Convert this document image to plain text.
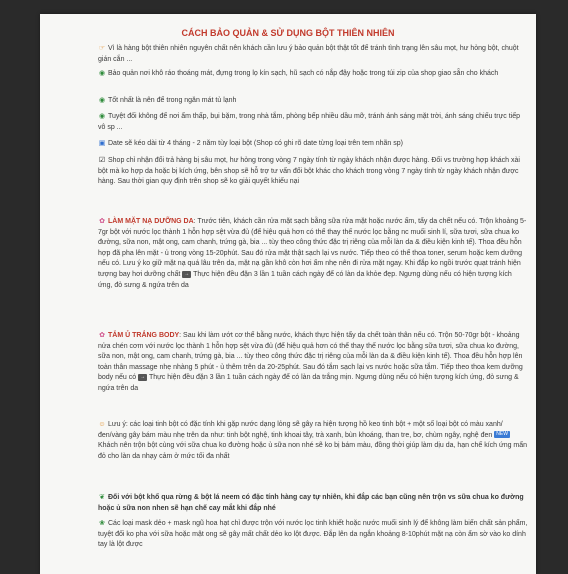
CÁCH BẢO QUẢN & SỬ DỤNG BỘT THIÊN NHIÊN
☞ Vì là hàng bột thiên nhiên nguyên chất nên khách cần lưu ý bảo quản bột thật tốt để tránh tình trạng lên sâu mọt, hư hỏng bột, chuột gián cắn ...
◉ Bảo quản nơi khô ráo thoáng mát, đựng trong lọ kín sạch, hũ sạch có nắp đậy hoặc trong túi zip của shop giao sẵn cho khách
◉ Tốt nhất là nên để trong ngăn mát tủ lạnh
◉ Tuyệt đối không để nơi ẩm thấp, bụi bặm, trong nhà tắm, phòng bếp nhiều dầu mỡ, tránh ánh sáng mặt trời, ánh sáng chiếu trực tiếp vô sp ...
▣ Date sẽ kéo dài từ 4 tháng - 2 năm tùy loại bột (Shop có ghi rõ date từng loại trên tem nhãn sp)
☑ Shop chỉ nhận đổi trả hàng bị sâu mọt, hư hỏng trong vòng 7 ngày tính từ ngày khách nhận được hàng. Đối vs trường hợp khách xài bột mà ko hợp da hoặc bị kích ứng, bên shop sẽ hỗ trợ tư vấn đổi bột khác cho khách trong vòng 7 ngày tính từ ngày khách nhận được hàng. Sau thời gian quy định trên shop sẽ ko giải quyết khiếu nại
✿ LÀM MẶT NẠ DƯỠNG DA: Trước tiên, khách cần rửa mặt sạch bằng sữa rửa mặt hoặc nước ấm, tẩy da chết nếu có. Trộn khoảng 5-7gr bột với nước lọc thành 1 hỗn hợp sệt vừa đủ (để hiệu quả hơn có thể thay thế nước lọc bằng nc muối sinh lí, sữa tươi, sữa chua ko đường, sữa non, mật ong, cam chanh, trứng gà, bia ... tùy theo công thức đặc trị riêng của mỗi làn da & điều kiện kinh tế). Thoa đều hỗn hợp đã pha lên mặt - ủ trong vòng 15-20phút. Sau đó rửa mặt thật sạch lại vs nước. Tiếp theo có thể thoa toner, serum hoặc kem dưỡng nếu có. Lưu ý ko giữ mặt nạ quá lâu trên da, mặt nạ gần khô còn hơi ẩm nhẹ nên đi rửa mặt ngay. Khi đắp ko ngồi trước quạt tránh hiện tượng bay hơi dưỡng chất → Thực hiện đều đặn 3 lần 1 tuần cách ngày để có làn da khỏe đẹp. Ngưng dùng nếu có hiện tượng kích ứng, đỏ sưng & ngứa trên da
✿ TẮM Ủ TRẮNG BODY: Sau khi làm ướt cơ thể bằng nước, khách thực hiện tẩy da chết toàn thân nếu có. Trộn 50-70gr bột - khoảng nửa chén cơm với nước lọc thành 1 hỗn hợp sệt vừa đủ (để hiệu quả hơn có thể thay thế nước lọc bằng sữa tươi, sữa chua ko đường, sữa non, mật ong, cam chanh, trứng gà, bia ... tùy theo công thức đặc trị riêng của mỗi làn da & điều kiện kinh tế). Thoa đều hỗn hợp lên toàn thân massage nhẹ nhàng 5 phút - ủ thêm trên da 20-25phút. Sau đó tắm sạch lại vs nước hoặc sữa tắm. Tiếp theo thoa kem dưỡng body nếu có → Thực hiện đều đặn 3 lần 1 tuần cách ngày để có làn da trắng mịn. Ngưng dùng nếu có hiện tượng kích ứng, đỏ sưng & ngứa trên da
☺ Lưu ý: các loại tinh bột có đặc tính khi gặp nước dạng lỏng sẽ gây ra hiện tượng hồ keo tinh bột + một số loại bột có màu xanh/đen/vàng gây bám màu nhẹ trên da như: tinh bột nghệ, tinh khoai tây, trà xanh, bùn khoáng, than tre, bơ, chùm ngây, nghệ đen NEW Khách nên trộn bột cùng với sữa chua ko đường hoặc ủ sữa non nhé sẽ ko bị bám màu, đồng thời giúp làm dịu da, hạn chế kích ứng mẩn đỏ cho làn da nhạy cảm ở mức tối đa nhất
❦ Đối với bột khổ qua rừng & bột lá neem có đặc tính hàng cay tự nhiên, khi đắp các bạn cũng nên trộn vs sữa chua ko đường hoặc ủ sữa non nhen sẽ hạn chế cay mắt khi đắp nhé
❀ Các loại mask dẻo + mask ngũ hoa hạt chỉ được trộn với nước lọc tinh khiết hoặc nước muối sinh lý để không làm biến chất sản phẩm, tuyệt đối ko pha với sữa hoặc mật ong sẽ gây mất chất dẻo ko lột được. Đắp lên da ngắn khoảng 8-10phút mặt nạ còn ẩm sờ vào ko dính tay là lột được
